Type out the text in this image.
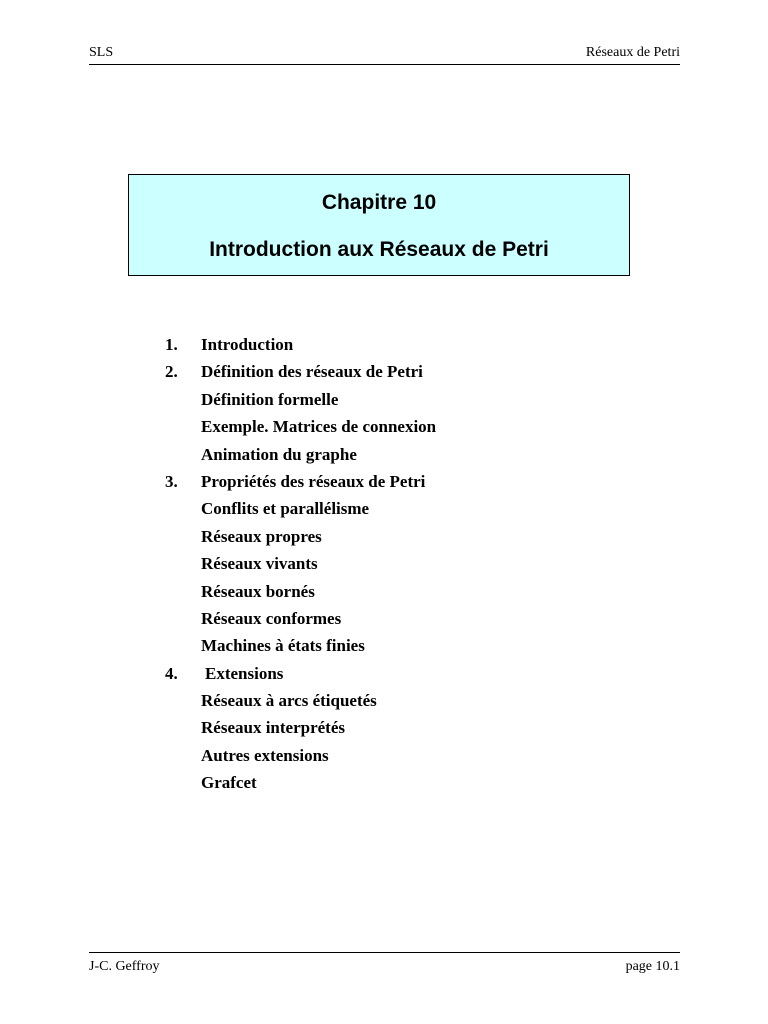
SLS	Réseaux de Petri
Chapitre 10
Introduction aux Réseaux de Petri
1. Introduction
2. Définition des réseaux de Petri
Définition formelle
Exemple. Matrices de connexion
Animation du graphe
3. Propriétés des réseaux de Petri
Conflits et parallélisme
Réseaux propres
Réseaux vivants
Réseaux bornés
Réseaux conformes
Machines à états finies
4. Extensions
Réseaux à arcs étiquetés
Réseaux interprétés
Autres extensions
Grafcet
J-C. Geffroy	page 10.1
